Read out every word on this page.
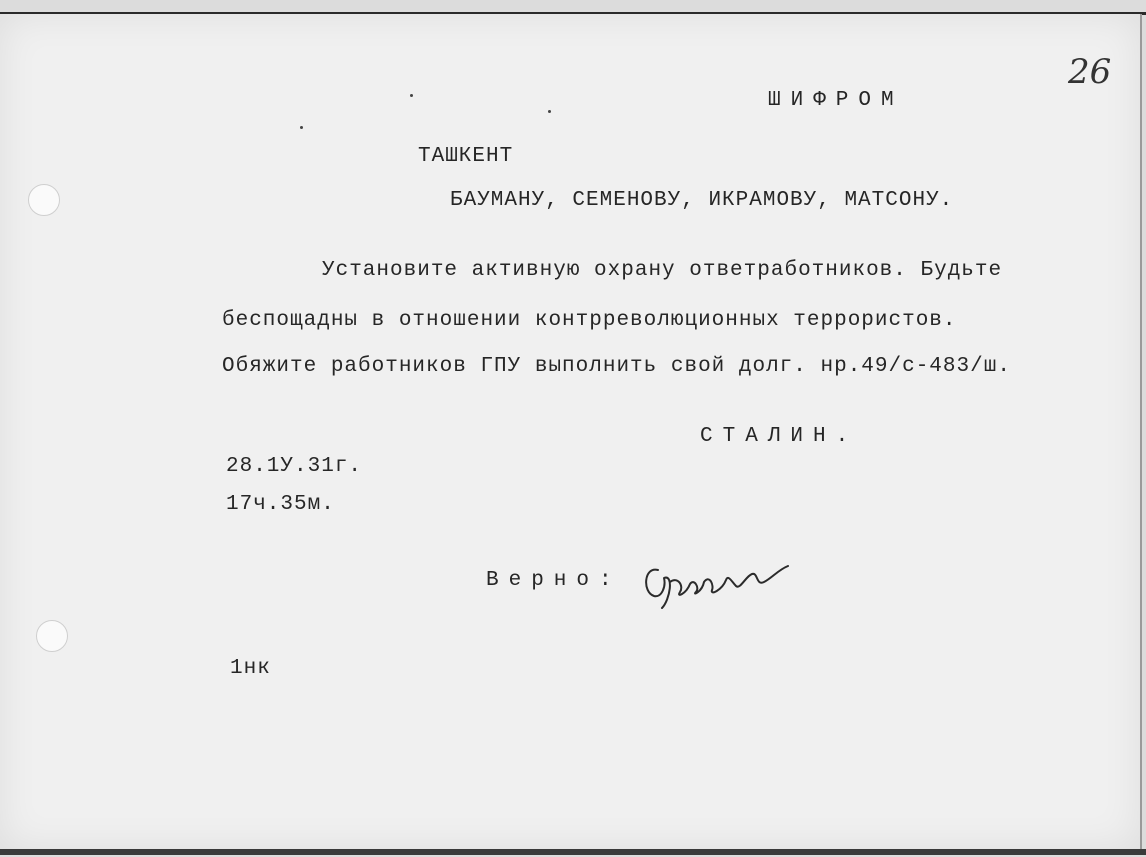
26
ШИФРОМ
ТАШКЕНТ
БАУМАНУ, СЕМЕНОВУ, ИКРАМОВУ, МАТСОНУ.
Установите активную охрану ответработников. Будьте
беспощадны в отношении контрреволюционных террористов.
Обяжите работников ГПУ выполнить свой долг. нр.49/с-483/ш.
СТАЛИН.
28.1У.31г.
17ч.35м.
Верно:
1нк
